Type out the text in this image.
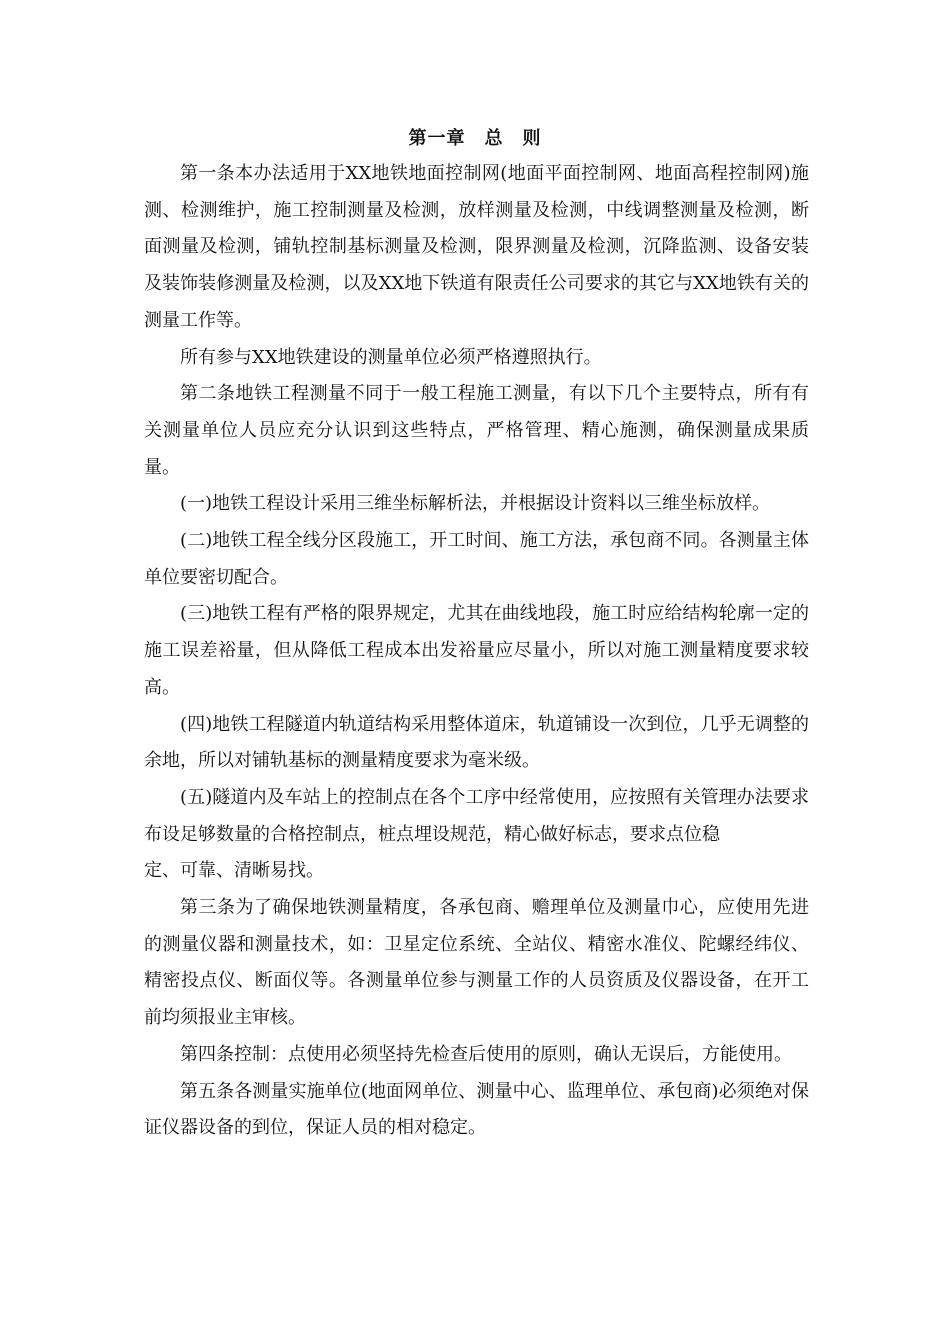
第一章　总　则

第一条本办法适用于XX地铁地面控制网(地面平面控制网、地面高程控制网)施测、检测维护，施工控制测量及检测，放样测量及检测，中线调整测量及检测，断面测量及检测，铺轨控制基标测量及检测，限界测量及检测，沉降监测、设备安装及装饰装修测量及检测，以及XX地下铁道有限责任公司要求的其它与XX地铁有关的测量工作等。

所有参与XX地铁建设的测量单位必须严格遵照执行。

第二条地铁工程测量不同于一般工程施工测量，有以下几个主要特点，所有有关测量单位人员应充分认识到这些特点，严格管理、精心施测，确保测量成果质量。

(一)地铁工程设计采用三维坐标解析法，并根据设计资料以三维坐标放样。

(二)地铁工程全线分区段施工，开工时间、施工方法，承包商不同。各测量主体单位要密切配合。

(三)地铁工程有严格的限界规定，尤其在曲线地段，施工时应给结构轮廓一定的施工误差裕量，但从降低工程成本出发裕量应尽量小，所以对施工测量精度要求较高。

(四)地铁工程隧道内轨道结构采用整体道床，轨道铺设一次到位，几乎无调整的余地，所以对铺轨基标的测量精度要求为毫米级。

(五)隧道内及车站上的控制点在各个工序中经常使用，应按照有关管理办法要求布设足够数量的合格控制点，桩点埋设规范，精心做好标志，要求点位稳

定、可靠、清晰易找。

第三条为了确保地铁测量精度，各承包商、赡理单位及测量巾心，应使用先进的测量仪器和测量技术，如：卫星定位系统、全站仪、精密水准仪、陀螺经纬仪、精密投点仪、断面仪等。各测量单位参与测量工作的人员资质及仪器设备，在开工前均须报业主审核。

第四条控制：点使用必须坚持先检查后使用的原则，确认无误后，方能使用。

第五条各测量实施单位(地面网单位、测量中心、监理单位、承包商)必须绝对保证仪器设备的到位，保证人员的相对稳定。
